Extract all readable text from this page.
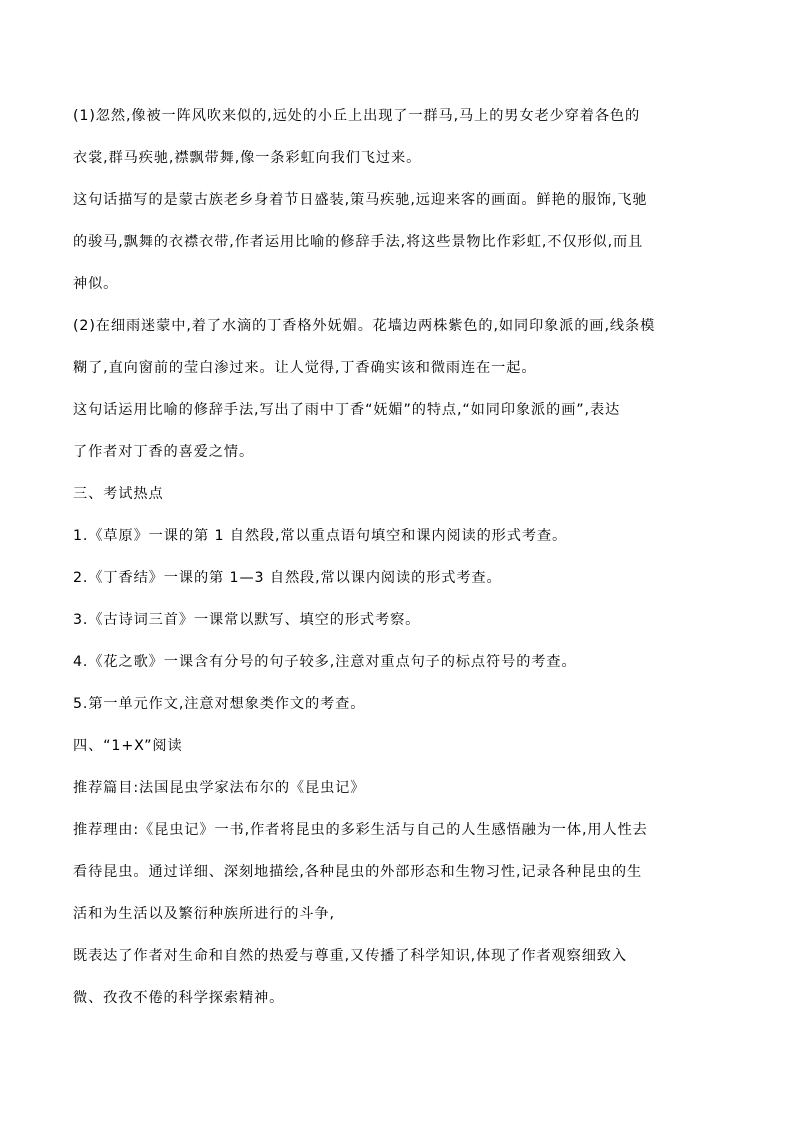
(1)忽然,像被一阵风吹来似的,远处的小丘上出现了一群马,马上的男女老少穿着各色的
衣裳,群马疾驰,襟飘带舞,像一条彩虹向我们飞过来。
这句话描写的是蒙古族老乡身着节日盛装,策马疾驰,远迎来客的画面。鲜艳的服饰,飞驰
的骏马,飘舞的衣襟衣带,作者运用比喻的修辞手法,将这些景物比作彩虹,不仅形似,而且
神似。
(2)在细雨迷蒙中,着了水滴的丁香格外妩媚。花墙边两株紫色的,如同印象派的画,线条模
糊了,直向窗前的莹白渗过来。让人觉得,丁香确实该和微雨连在一起。
这句话运用比喻的修辞手法,写出了雨中丁香“妩媚”的特点,“如同印象派的画”,表达
了作者对丁香的喜爱之情。
三、考试热点
1.《草原》一课的第 1 自然段,常以重点语句填空和课内阅读的形式考查。
2.《丁香结》一课的第 1—3 自然段,常以课内阅读的形式考查。
3.《古诗词三首》一课常以默写、填空的形式考察。
4.《花之歌》一课含有分号的句子较多,注意对重点句子的标点符号的考查。
5.第一单元作文,注意对想象类作文的考查。
四、“1+X”阅读
推荐篇目:法国昆虫学家法布尔的《昆虫记》
推荐理由:《昆虫记》一书,作者将昆虫的多彩生活与自己的人生感悟融为一体,用人性去
看待昆虫。通过详细、深刻地描绘,各种昆虫的外部形态和生物习性,记录各种昆虫的生
活和为生活以及繁衍种族所进行的斗争,
既表达了作者对生命和自然的热爱与尊重,又传播了科学知识,体现了作者观察细致入
微、孜孜不倦的科学探索精神。
